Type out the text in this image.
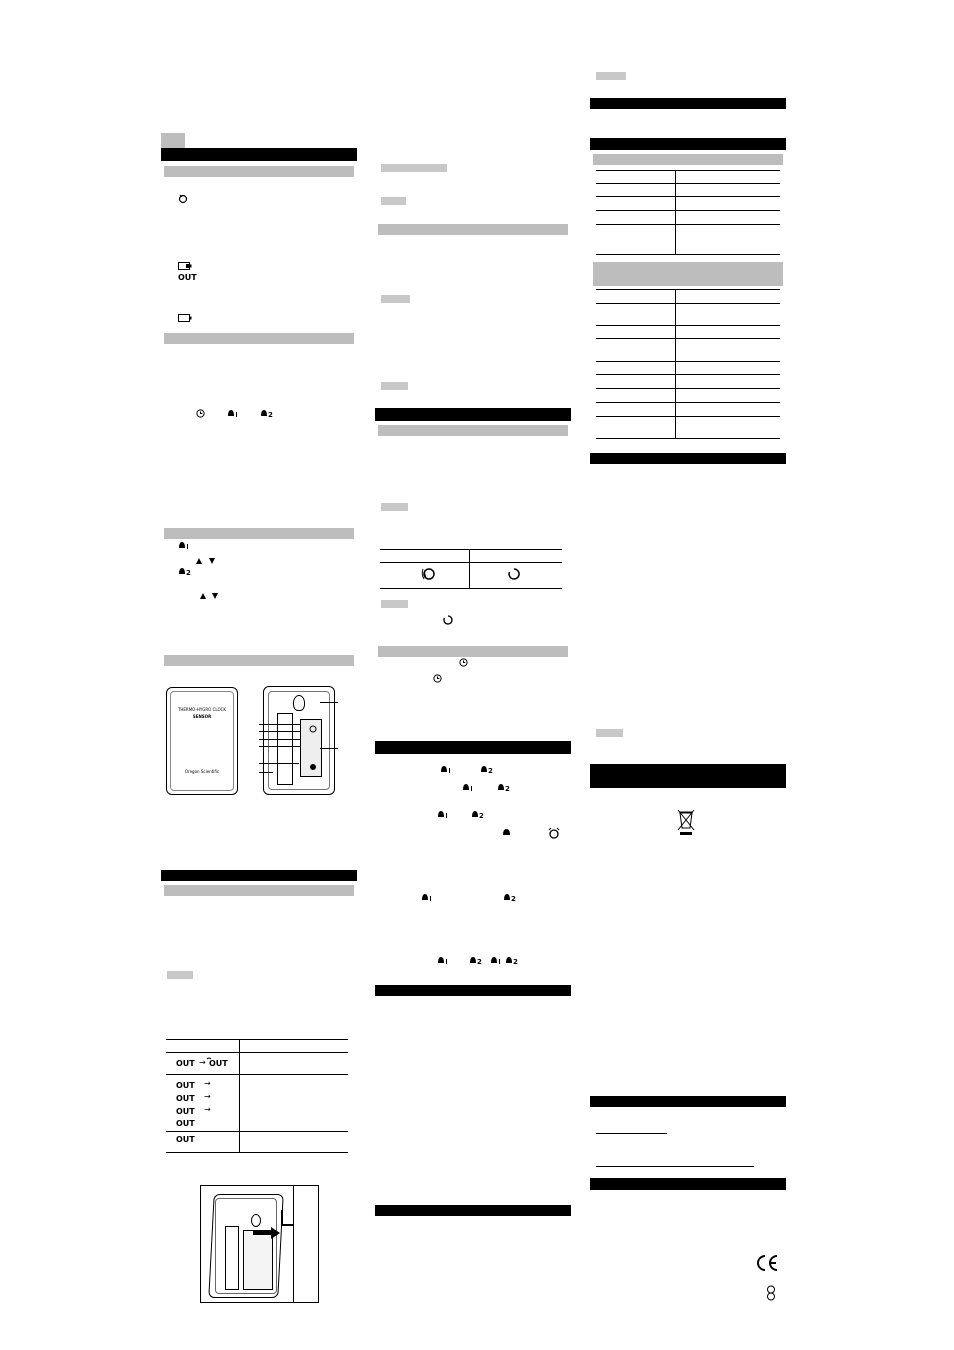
OUT
2
2
THERMO-HYGRO CLOCK
SENSOR
Oregon Scientific
OUT → OUT
OUT →
OUT →
OUT →
OUT
OUT
2
2
2
2
2	2
